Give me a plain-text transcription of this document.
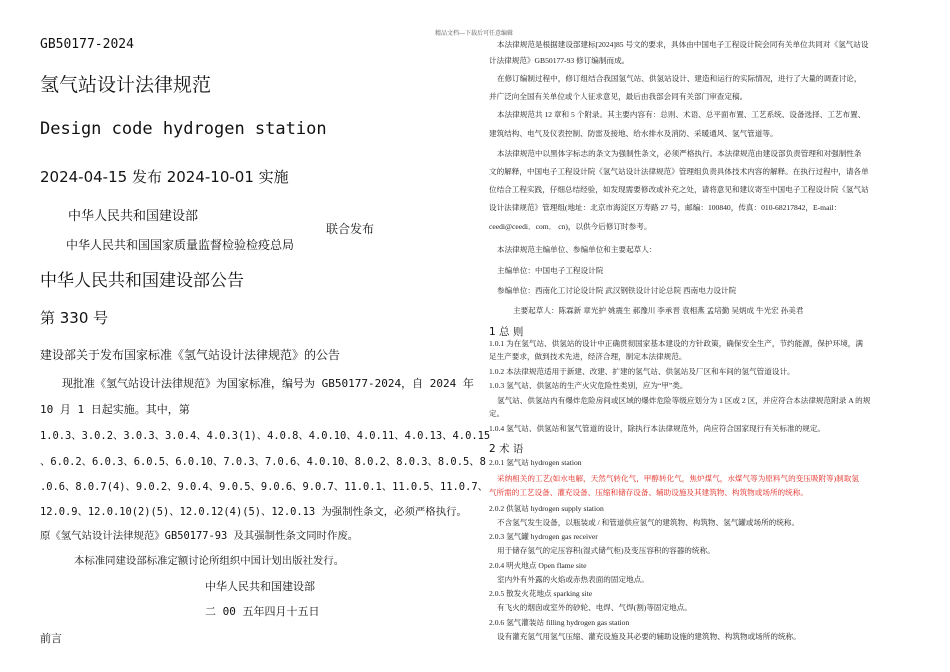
GB50177-2024
氢气站设计法律规范
Design code hydrogen station
2024-04-15 发布 2024-10-01 实施
中华人民共和国建设部
中华人民共和国国家质量监督检验检疫总局
联合发布
中华人民共和国建设部公告
第 330 号
建设部关于发布国家标准《氢气站设计法律规范》的公告
现批准《氢气站设计法律规范》为国家标准，编号为 GB50177-2024，自 2024 年
10 月 1 日起实施。其中，第
1.0.3、3.0.2、3.0.3、3.0.4、4.0.3(1)、4.0.8、4.0.10、4.0.11、4.0.13、4.0.15
、6.0.2、6.0.3、6.0.5、6.0.10、7.0.3、7.0.6、4.0.10、8.0.2、8.0.3、8.0.5、8
.0.6、8.0.7(4)、9.0.2、9.0.4、9.0.5、9.0.6、9.0.7、11.0.1、11.0.5、11.0.7、
12.0.9、12.0.10(2)(5)、12.0.12(4)(5)、12.0.13 为强制性条文，必须严格执行。
原《氢气站设计法律规范》GB50177-93 及其强制性条文同时作废。
本标准同建设部标准定额讨论所组织中国计划出版社发行。
中华人民共和国建设部
二 00 五年四月十五日
前言
精品文档---下载后可任意编辑
本法律规范是根据建设部建标[2024]85 号文的要求，具体由中国电子工程设计院会同有关单位共同对《氢气站设
计法律规范》GB50177-93 修订编制而成。
在修订编制过程中，修订组结合我国氢气站、供氢站设计、建造和运行的实际情况，进行了大量的调查讨论，
并广泛向全国有关单位或个人征求意见，最后由我部会同有关部门审查定稿。
本法律规范共 12 章和 5 个附录。其主要内容有：总则、术语、总平面布置、工艺系统、设备选择、工艺布置、
建筑结构、电气及仪表控制、防雷及接地、给水排水及消防、采暖通风、氢气管道等。
本法律规范中以黑体字标志的条文为强制性条文，必须严格执行。本法律规范由建设部负责管理和对强制性条
文的解释，中国电子工程设计院《氢气站设计法律规范》管理组负责具体技术内容的解释。在执行过程中，请各单
位结合工程实践，仔细总结经验，如发现需要修改或补充之处，请将意见和建议寄至中国电子工程设计院《氢气站
设计法律规范》管理组(地址：北京市海淀区万寿路 27 号，邮编：100840，传真：010-68217842，E-mail：
ceedi@ceedi．com． cn)，以供今后修订时参考。
本法律规范主编单位、参编单位和主要起草人：
主编单位：中国电子工程设计院
参编单位：西南化工讨论设计院 武汉钢铁设计讨论总院 西南电力设计院
主要起草人：陈霖新 章光护 姚震生 郝豫川 李承晋 袁相燕 孟培勤 吴炳成 牛光宏 孙美君
1 总 则
1.0.1 为在氢气站、供氢站的设计中正确贯彻国家基本建设的方针政策，确保安全生产，节约能源，保护环境，满
足生产要求，做到技术先进，经济合理，制定本法律规范。
1.0.2 本法律规范适用于新建、改建、扩建的氢气站、供氢站及厂区和车间的氢气管道设计。
1.0.3 氢气站、供氢站的生产火灾危险性类别，应为“甲”类。
氢气站、供氢站内有爆炸危险房间或区域的爆炸危险等级应划分为 1 区或 2 区，并应符合本法律规范附录 A 的规
定。
1.0.4 氢气站、供氢站和氢气管道的设计，除执行本法律规范外，尚应符合国家现行有关标准的规定。
2 术 语
2.0.1 氢气站 hydrogen station
采纳相关的工艺(如水电解，天然气转化气，甲醇转化气，焦炉煤气，水煤气等为原料气的变压吸附等)制取氢
气所需的工艺设备、灌充设备、压缩和储存设备、辅助设施及其建筑物、构筑物或场所的统称。
2.0.2 供氢站 hydrogen supply station
不含氢气发生设备，以瓶装或 / 和管道供应氢气的建筑物、构筑物、氢气罐或场所的统称。
2.0.3 氢气罐 hydrogen gas receiver
用于储存氢气的定压容积(湿式储气柜)及变压容积的容器的统称。
2.0.4 明火地点 Open flame site
室内外有外露的火焰或赤热表面的固定地点。
2.0.5 散发火花地点 sparking site
有飞火的烟囱或室外的砂轮、电焊、气焊(割)等固定地点。
2.0.6 氢气灌装站 filling hydrogen gas station
设有灌充氢气用氢气压缩、灌充设施及其必要的辅助设施的建筑物、构筑物或场所的统称。
